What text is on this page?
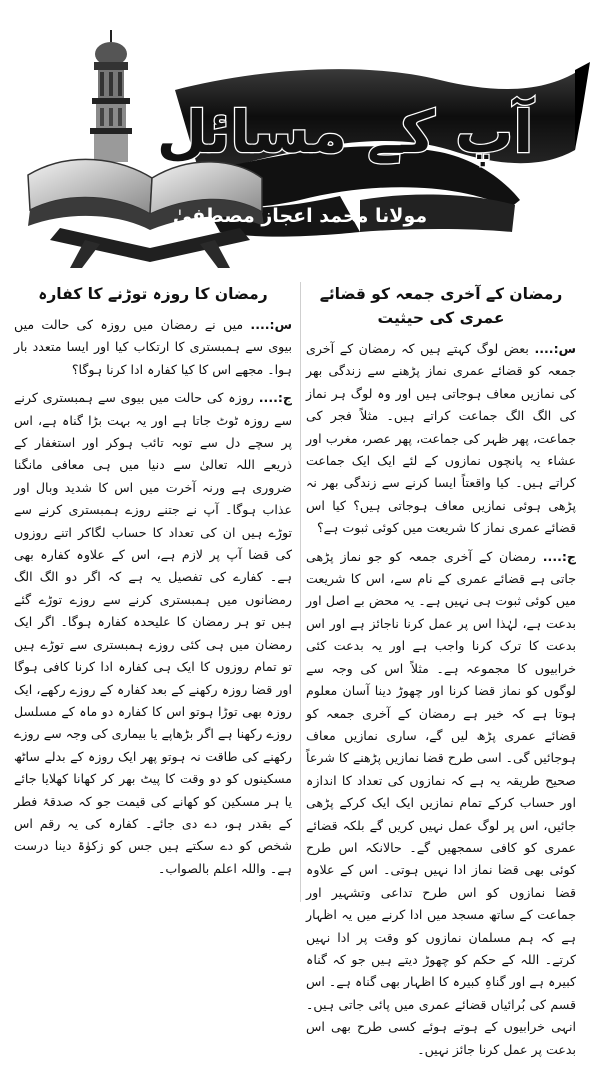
آپ کے مسائل
مولانا محمد اعجاز مصطفیٰ
رمضان کے آخری جمعہ کو قضائے عمری کی حیثیت

س:.... بعض لوگ کہتے ہیں کہ رمضان کے آخری جمعہ کو قضائے عمری نماز پڑھنے سے زندگی بھر کی نمازیں معاف ہوجاتی ہیں اور وہ لوگ ہر نماز کی الگ الگ جماعت کراتے ہیں۔ مثلاً فجر کی جماعت، پھر ظہر کی جماعت، پھر عصر، مغرب اور عشاء یہ پانچوں نمازوں کے لئے ایک ایک جماعت کراتے ہیں۔ کیا واقعتاً ایسا کرنے سے زندگی بھر نہ پڑھی ہوئی نمازیں معاف ہوجاتی ہیں؟ کیا اس قضائے عمری نماز کا شریعت میں کوئی ثبوت ہے؟

ج:.... رمضان کے آخری جمعہ کو جو نماز پڑھی جاتی ہے قضائے عمری کے نام سے، اس کا شریعت میں کوئی ثبوت ہی نہیں ہے۔ یہ محض بے اصل اور بدعت ہے، لہٰذا اس پر عمل کرنا ناجائز ہے اور اس بدعت کا ترک کرنا واجب ہے اور یہ بدعت کئی خرابیوں کا مجموعہ ہے۔ مثلاً اس کی وجہ سے لوگوں کو نماز قضا کرنا اور چھوڑ دینا آسان معلوم ہوتا ہے کہ خیر ہے رمضان کے آخری جمعہ کو قضائے عمری پڑھ لیں گے، ساری نمازیں معاف ہوجائیں گی۔ اسی طرح قضا نمازیں پڑھنے کا شرعاً صحیح طریقہ یہ ہے کہ نمازوں کی تعداد کا اندازہ اور حساب کرکے تمام نمازیں ایک ایک کرکے پڑھی جائیں، اس پر لوگ عمل نہیں کریں گے بلکہ قضائے عمری کو کافی سمجھیں گے۔ حالانکہ اس طرح کوئی بھی قضا نماز ادا نہیں ہوتی۔ اس کے علاوہ قضا نمازوں کو اس طرح تداعی وتشہیر اور جماعت کے ساتھ مسجد میں ادا کرنے میں یہ اظہار ہے کہ ہم مسلمان نمازوں کو وقت پر ادا نہیں کرتے۔ اللہ کے حکم کو چھوڑ دیتے ہیں جو کہ گناہ کبیرہ ہے اور گناہِ کبیرہ کا اظہار بھی گناہ ہے۔ اس قسم کی بُرائیاں قضائے عمری میں پائی جاتی ہیں۔ انہی خرابیوں کے ہوتے ہوئے کسی طرح بھی اس بدعت پر عمل کرنا جائز نہیں۔

رمضان کا روزہ توڑنے کا کفارہ

س:.... میں نے رمضان میں روزہ کی حالت میں بیوی سے ہمبستری کا ارتکاب کیا اور ایسا متعدد بار ہوا۔ مجھے اس کا کیا کفارہ ادا کرنا ہوگا؟

ج:.... روزہ کی حالت میں بیوی سے ہمبستری کرنے سے روزہ ٹوٹ جاتا ہے اور یہ بہت بڑا گناہ ہے، اس پر سچے دل سے توبہ تائب ہوکر اور استغفار کے ذریعے اللہ تعالیٰ سے دنیا میں ہی معافی مانگنا ضروری ہے ورنہ آخرت میں اس کا شدید وبال اور عذاب ہوگا۔ آپ نے جتنے روزے ہمبستری کرنے سے توڑے ہیں ان کی تعداد کا حساب لگاکر اتنے روزوں کی قضا آپ پر لازم ہے، اس کے علاوہ کفارہ بھی ہے۔ کفارے کی تفصیل یہ ہے کہ اگر دو الگ الگ رمضانوں میں ہمبستری کرنے سے روزے توڑے گئے ہیں تو ہر رمضان کا علیحدہ کفارہ ہوگا۔ اگر ایک رمضان میں ہی کئی روزے ہمبستری سے توڑے ہیں تو تمام روزوں کا ایک ہی کفارہ ادا کرنا کافی ہوگا اور قضا روزہ رکھنے کے بعد کفارہ کے روزے رکھے، ایک روزہ بھی توڑا ہوتو اس کا کفارہ دو ماہ کے مسلسل روزے رکھنا ہے اگر بڑھاپے یا بیماری کی وجہ سے روزے رکھنے کی طاقت نہ ہوتو پھر ایک روزہ کے بدلے ساٹھ مسکینوں کو دو وقت کا پیٹ بھر کر کھانا کھلایا جائے یا ہر مسکین کو کھانے کی قیمت جو کہ صدقۂ فطر کے بقدر ہو، دے دی جائے۔ کفارہ کی یہ رقم اس شخص کو دے سکتے ہیں جس کو زکوٰۃ دینا درست ہے۔ واللہ اعلم بالصواب۔
